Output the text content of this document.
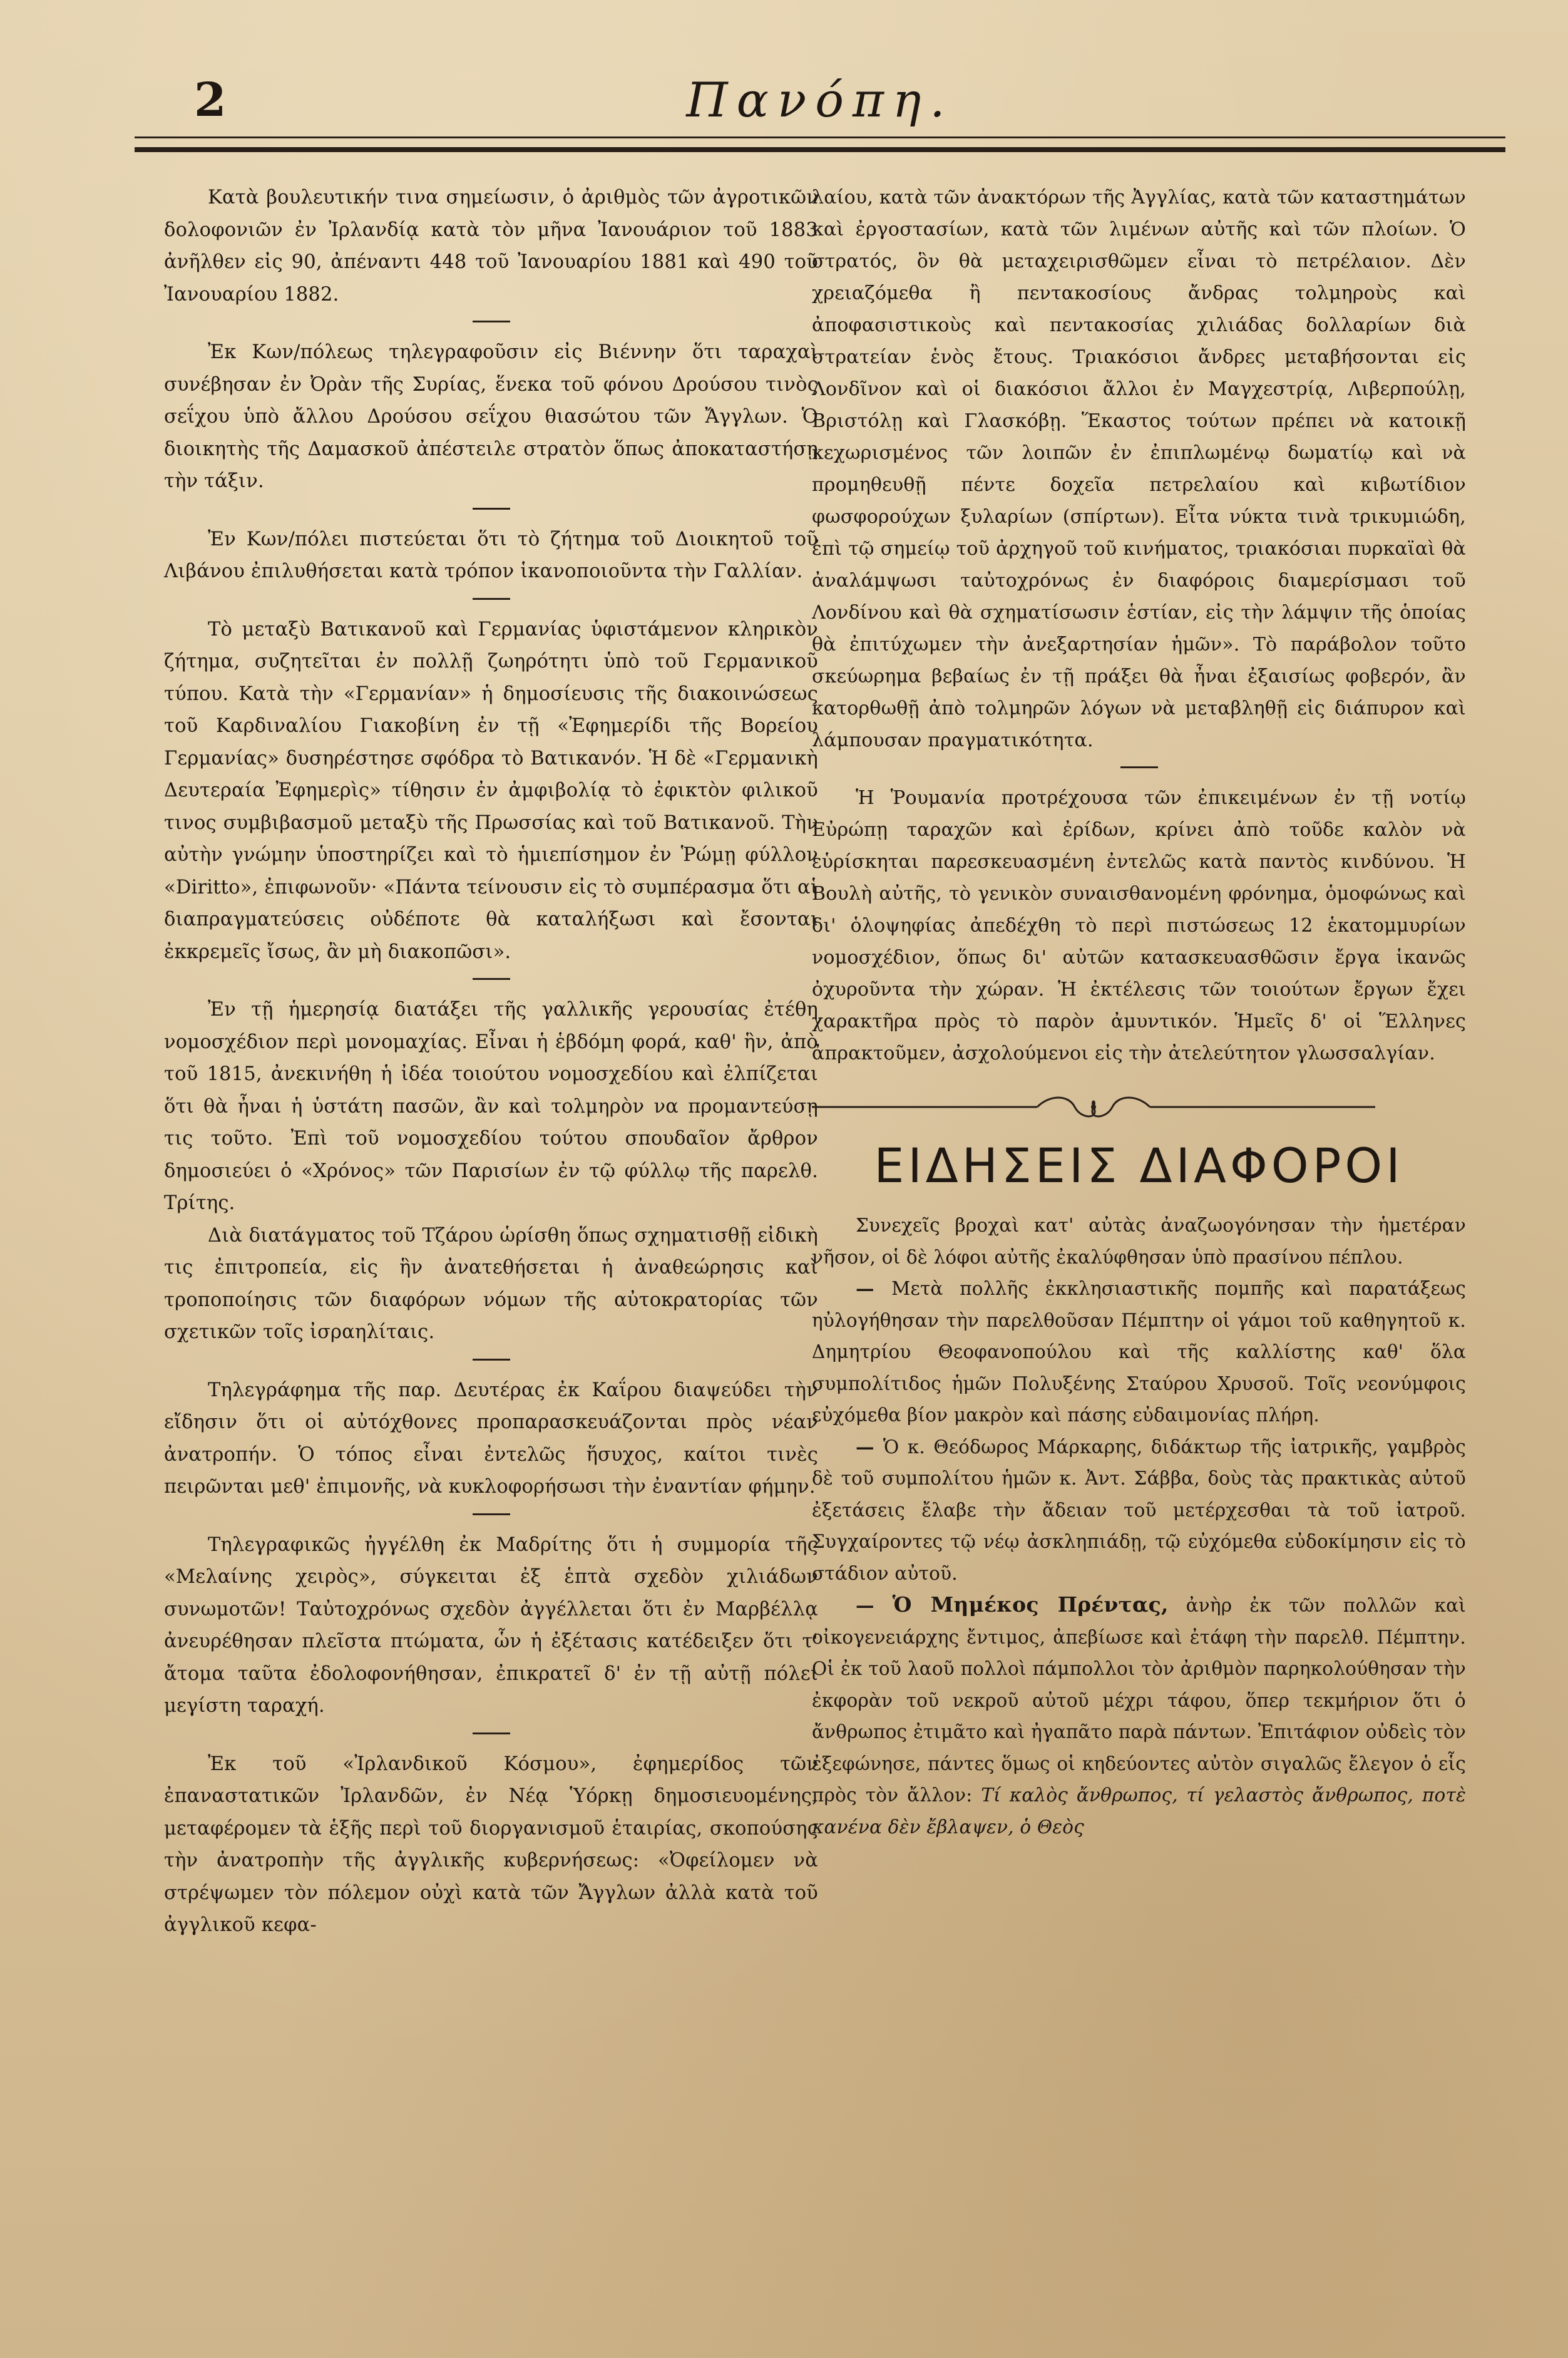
2	Πανόπη.

Κατὰ βουλευτικήν τινα σημείωσιν, ὁ ἀριθμὸς τῶν ἀγροτικῶν δολοφονιῶν ἐν Ἰρλανδίᾳ κατὰ τὸν μῆνα Ἰανουάριον τοῦ 1883 ἀνῆλθεν εἰς 90, ἀπέναντι 448 τοῦ Ἰανουαρίου 1881 καὶ 490 τοῦ Ἰανουαρίου 1882.

Ἐκ Κων/πόλεως τηλεγραφοῦσιν εἰς Βιέννην ὅτι ταραχαὶ συνέβησαν ἐν Ὀρὰν τῆς Συρίας, ἕνεκα τοῦ φόνου Δρούσου τινὸς σεΐχου ὑπὸ ἄλλου Δρούσου σεΐχου θιασώτου τῶν Ἄγγλων. Ὁ διοικητὴς τῆς Δαμασκοῦ ἀπέστειλε στρατὸν ὅπως ἀποκαταστήσῃ τὴν τάξιν.

Ἐν Κων/πόλει πιστεύεται ὅτι τὸ ζήτημα τοῦ Διοικητοῦ τοῦ Λιβάνου ἐπιλυθήσεται κατὰ τρόπον ἱκανοποιοῦντα τὴν Γαλλίαν.

Τὸ μεταξὺ Βατικανοῦ καὶ Γερμανίας ὑφιστάμενον κληρικὸν ζήτημα, συζητεῖται ἐν πολλῇ ζωηρότητι ὑπὸ τοῦ Γερμανικοῦ τύπου. Κατὰ τὴν «Γερμανίαν» ἡ δημοσίευσις τῆς διακοινώσεως τοῦ Καρδιναλίου Γιακοβίνη ἐν τῇ «Ἐφημερίδι τῆς Βορείου Γερμανίας» δυσηρέστησε σφόδρα τὸ Βατικανόν. Ἡ δὲ «Γερμανικὴ Δευτεραία Ἐφημερὶς» τίθησιν ἐν ἀμφιβολίᾳ τὸ ἐφικτὸν φιλικοῦ τινος συμβιβασμοῦ μεταξὺ τῆς Πρωσσίας καὶ τοῦ Βατικανοῦ. Τὴν αὐτὴν γνώμην ὑποστηρίζει καὶ τὸ ἡμιεπίσημον ἐν Ῥώμῃ φύλλον «Diritto», ἐπιφωνοῦν· «Πάντα τείνουσιν εἰς τὸ συμπέρασμα ὅτι αἱ διαπραγματεύσεις οὐδέποτε θὰ καταλήξωσι καὶ ἔσονται ἐκκρεμεῖς ἴσως, ἂν μὴ διακοπῶσι».

Ἐν τῇ ἡμερησίᾳ διατάξει τῆς γαλλικῆς γερουσίας ἐτέθη νομοσχέδιον περὶ μονομαχίας. Εἶναι ἡ ἑβδόμη φορά, καθ' ἣν, ἀπὸ τοῦ 1815, ἀνεκινήθη ἡ ἰδέα τοιούτου νομοσχεδίου καὶ ἐλπίζεται ὅτι θὰ ἦναι ἡ ὑστάτη πασῶν, ἂν καὶ τολμηρὸν να προμαντεύσῃ τις τοῦτο. Ἐπὶ τοῦ νομοσχεδίου τούτου σπουδαῖον ἄρθρον δημοσιεύει ὁ «Χρόνος» τῶν Παρισίων ἐν τῷ φύλλῳ τῆς παρελθ. Τρίτης.

Διὰ διατάγματος τοῦ Τζάρου ὡρίσθη ὅπως σχηματισθῇ εἰδικὴ τις ἐπιτροπεία, εἰς ἣν ἀνατεθήσεται ἡ ἀναθεώρησις καὶ τροποποίησις τῶν διαφόρων νόμων τῆς αὐτοκρατορίας τῶν σχετικῶν τοῖς ἰσραηλίταις.

Τηλεγράφημα τῆς παρ. Δευτέρας ἐκ Καΐρου διαψεύδει τὴν εἴδησιν ὅτι οἱ αὐτόχθονες προπαρασκευάζονται πρὸς νέαν ἀνατροπήν. Ὁ τόπος εἶναι ἐντελῶς ἥσυχος, καίτοι τινὲς πειρῶνται μεθ' ἐπιμονῆς, νὰ κυκλοφορήσωσι τὴν ἐναντίαν φήμην.

Τηλεγραφικῶς ἠγγέλθη ἐκ Μαδρίτης ὅτι ἡ συμμορία τῆς «Μελαίνης χειρὸς», σύγκειται ἐξ ἑπτὰ σχεδὸν χιλιάδων συνωμοτῶν! Ταὐτοχρόνως σχεδὸν ἀγγέλλεται ὅτι ἐν Μαρβέλλᾳ ἀνευρέθησαν πλεῖστα πτώματα, ὧν ἡ ἐξέτασις κατέδειξεν ὅτι τ' ἄτομα ταῦτα ἐδολοφονήθησαν, ἐπικρατεῖ δ' ἐν τῇ αὐτῇ πόλει μεγίστη ταραχή.

Ἐκ τοῦ «Ἰρλανδικοῦ Κόσμου», ἐφημερίδος τῶν ἐπαναστατικῶν Ἰρλανδῶν, ἐν Νέᾳ Ὑόρκῃ δημοσιευομένης, μεταφέρομεν τὰ ἑξῆς περὶ τοῦ διοργανισμοῦ ἑταιρίας, σκοπούσης τὴν ἀνατροπὴν τῆς ἀγγλικῆς κυβερνήσεως: «Ὀφείλομεν νὰ στρέψωμεν τὸν πόλεμον οὐχὶ κατὰ τῶν Ἄγγλων ἀλλὰ κατὰ τοῦ ἀγγλικοῦ κεφα-

λαίου, κατὰ τῶν ἀνακτόρων τῆς Ἀγγλίας, κατὰ τῶν καταστημάτων καὶ ἐργοστασίων, κατὰ τῶν λιμένων αὐτῆς καὶ τῶν πλοίων. Ὁ στρατός, ὃν θὰ μεταχειρισθῶμεν εἶναι τὸ πετρέλαιον. Δὲν χρειαζόμεθα ἢ πεντακοσίους ἄνδρας τολμηροὺς καὶ ἀποφασιστικοὺς καὶ πεντακοσίας χιλιάδας δολλαρίων διὰ στρατείαν ἑνὸς ἔτους. Τριακόσιοι ἄνδρες μεταβήσονται εἰς Λονδῖνον καὶ οἱ διακόσιοι ἄλλοι ἐν Μαγχεστρίᾳ, Λιβερπούλῃ, Βριστόλῃ καὶ Γλασκόβῃ. Ἕκαστος τούτων πρέπει νὰ κατοικῇ κεχωρισμένος τῶν λοιπῶν ἐν ἐπιπλωμένῳ δωματίῳ καὶ νὰ προμηθευθῇ πέντε δοχεῖα πετρελαίου καὶ κιβωτίδιον φωσφορούχων ξυλαρίων (σπίρτων). Εἶτα νύκτα τινὰ τρικυμιώδη, ἐπὶ τῷ σημείῳ τοῦ ἀρχηγοῦ τοῦ κινήματος, τριακόσιαι πυρκαϊαὶ θὰ ἀναλάμψωσι ταὐτοχρόνως ἐν διαφόροις διαμερίσμασι τοῦ Λονδίνου καὶ θὰ σχηματίσωσιν ἑστίαν, εἰς τὴν λάμψιν τῆς ὁποίας θὰ ἐπιτύχωμεν τὴν ἀνεξαρτησίαν ἡμῶν». Τὸ παράβολον τοῦτο σκεύωρημα βεβαίως ἐν τῇ πράξει θὰ ἦναι ἐξαισίως φοβερόν, ἂν κατορθωθῇ ἀπὸ τολμηρῶν λόγων νὰ μεταβληθῇ εἰς διάπυρον καὶ λάμπουσαν πραγματικότητα.

Ἡ Ῥουμανία προτρέχουσα τῶν ἐπικειμένων ἐν τῇ νοτίῳ Εὐρώπῃ ταραχῶν καὶ ἐρίδων, κρίνει ἀπὸ τοῦδε καλὸν νὰ εὑρίσκηται παρεσκευασμένη ἐντελῶς κατὰ παντὸς κινδύνου. Ἡ Βουλὴ αὐτῆς, τὸ γενικὸν συναισθανομένη φρόνημα, ὁμοφώνως καὶ δι' ὁλοψηφίας ἀπεδέχθη τὸ περὶ πιστώσεως 12 ἑκατομμυρίων νομοσχέδιον, ὅπως δι' αὐτῶν κατασκευασθῶσιν ἔργα ἱκανῶς ὀχυροῦντα τὴν χώραν. Ἡ ἐκτέλεσις τῶν τοιούτων ἔργων ἔχει χαρακτῆρα πρὸς τὸ παρὸν ἀμυντικόν. Ἡμεῖς δ' οἱ Ἕλληνες ἀπρακτοῦμεν, ἀσχολούμενοι εἰς τὴν ἀτελεύτητον γλωσσαλγίαν.

ΕΙΔΗΣΕΙΣ ΔΙΑΦΟΡΟΙ

Συνεχεῖς βροχαὶ κατ' αὐτὰς ἀναζωογόνησαν τὴν ἡμετέραν νῆσον, οἱ δὲ λόφοι αὐτῆς ἐκαλύφθησαν ὑπὸ πρασίνου πέπλου.

— Μετὰ πολλῆς ἐκκλησιαστικῆς πομπῆς καὶ παρατάξεως ηὐλογήθησαν τὴν παρελθοῦσαν Πέμπτην οἱ γάμοι τοῦ καθηγητοῦ κ. Δημητρίου Θεοφανοπούλου καὶ τῆς καλλίστης καθ' ὅλα συμπολίτιδος ἡμῶν Πολυξένης Σταύρου Χρυσοῦ. Τοῖς νεονύμφοις εὐχόμεθα βίον μακρὸν καὶ πάσης εὐδαιμονίας πλήρη.

— Ὁ κ. Θεόδωρος Μάρκαρης, διδάκτωρ τῆς ἰατρικῆς, γαμβρὸς δὲ τοῦ συμπολίτου ἡμῶν κ. Ἀντ. Σάββα, δοὺς τὰς πρακτικὰς αὐτοῦ ἐξετάσεις ἔλαβε τὴν ἄδειαν τοῦ μετέρχεσθαι τὰ τοῦ ἰατροῦ. Συγχαίροντες τῷ νέῳ ἀσκληπιάδῃ, τῷ εὐχόμεθα εὐδοκίμησιν εἰς τὸ στάδιον αὐτοῦ.

— Ὁ Μημέκος Πρέντας, ἀνὴρ ἐκ τῶν πολλῶν καὶ οἰκογενειάρχης ἔντιμος, ἀπεβίωσε καὶ ἐτάφη τὴν παρελθ. Πέμπτην. Οἱ ἐκ τοῦ λαοῦ πολλοὶ πάμπολλοι τὸν ἀριθμὸν παρηκολούθησαν τὴν ἐκφορὰν τοῦ νεκροῦ αὐτοῦ μέχρι τάφου, ὅπερ τεκμήριον ὅτι ὁ ἄνθρωπος ἐτιμᾶτο καὶ ἠγαπᾶτο παρὰ πάντων. Ἐπιτάφιον οὐδεὶς τὸν ἐξεφώνησε, πάντες ὅμως οἱ κηδεύοντες αὐτὸν σιγαλῶς ἔλεγον ὁ εἷς πρὸς τὸν ἄλλον: Τί καλὸς ἄνθρωπος, τί γελαστὸς ἄνθρωπος, ποτὲ κανένα δὲν ἔβλαψεν, ὁ Θεὸς
